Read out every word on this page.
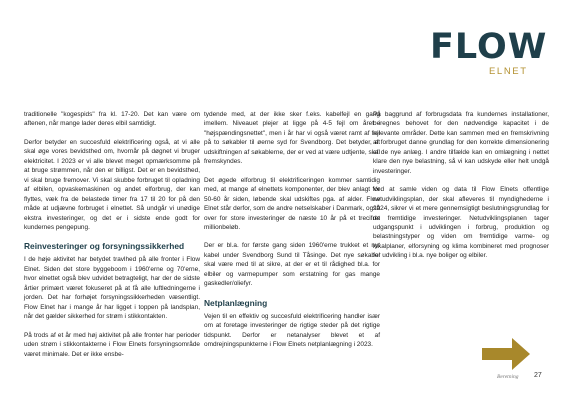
FLOW
ELNET

traditionelle "kogespids" fra kl. 17-20. Det kan være om aftenen, når mange lader deres elbil samtidigt.

Derfor betyder en succesfuld elektrificering også, at vi alle skal øge vores bevidsthed om, hvornår på døgnet vi bruger elektricitet. I 2023 er vi alle blevet meget opmærksomme på at bruge strømmen, når den er billigst. Det er en bevidsthed, vi skal bruge fremover. Vi skal skubbe forbruget til opladning af elbilen, opvaskemaskinen og andet elforbrug, der kan flyttes, væk fra de belastede timer fra 17 til 20 for på den måde at udjævne forbruget i elnettet. Så undgår vi unødige ekstra investeringer, og det er i sidste ende godt for kundernes pengepung.

Reinvesteringer og forsyningssikkerhed

I de høje aktivitet har betydet travlhed på alle fronter i Flow Elnet. Siden det store byggeboom i 1960'erne og 70'erne, hvor elnettet også blev udvidet betragteligt, har der de sidste årtier primært været fokuseret på at få alle luftledningerne i jorden. Det har forhøjet forsyningssikkerheden væsentligt. Flow Elnet har i mange år har ligget i toppen på landsplan, når det gælder sikkerhed for strøm i stikkontakten.

På trods af et år med høj aktivitet på alle fronter har perioder uden strøm i stikkontakterne i Flow Elnets forsyningsområde været minimale. Det er ikke ensbe-

tydende med, at der ikke sker f.eks. kabelfejl en gang imellem. Niveauet plejer at ligge på 4-5 fejl om året i "højspændingsnettet", men i år har vi også været ramt af fejl på to søkabler til øerne syd for Svendborg. Det betyder, at udskiftningen af søkablerne, der er ved at være udtjente, skal fremskyndes.

Det øgede elforbrug til elektrificeringen kommer samtidig med, at mange af elnettets komponenter, der blev anlagt for 50-60 år siden, løbende skal udskiftes pga. af alder. Flow Elnet står derfor, som de andre netselskaber i Danmark, også over for store investeringer de næste 10 år på et trecifret millionbeløb.

Der er bl.a. for første gang siden 1960'erne trukket et nyt kabel under Svendborg Sund til Tåsinge. Det nye søkabel skal være med til at sikre, at der er et til rådighed bl.a. for elbiler og varmepumper som erstatning for gas mange gaskedler/oliefyr.

Netplanlægning

Vejen til en effektiv og succesfuld elektrificering handler især om at foretage investeringer de rigtige steder på det rigtige tidspunkt. Derfor er netanalyser blevet et af omdrejningspunkterne i Flow Elnets netplanlægning i 2023.

På baggrund af forbrugsdata fra kundernes installationer, beregnes behovet for den nødvendige kapacitet i de relevante områder. Dette kan sammen med en fremskrivning af forbruget danne grundlag for den korrekte dimensionering af de nye anlæg. I andre tilfælde kan en omlægning i nettet klare den nye belastning, så vi kan udskyde eller helt undgå investeringer.

Ved at samle viden og data til Flow Elnets offentlige netudviklingsplan, der skal afleveres til myndighederne i 2024, sikrer vi et mere gennemsigtigt beslutningsgrundlag for de fremtidige investeringer. Netudviklingsplanen tager udgangspunkt i udviklingen i forbrug, produktion og belastningstyper og viden om fremtidige varme- og lokalplaner, elforsyning og klima kombineret med prognoser for udvikling i bl.a. nye boliger og elbiler.

Beretning 27
